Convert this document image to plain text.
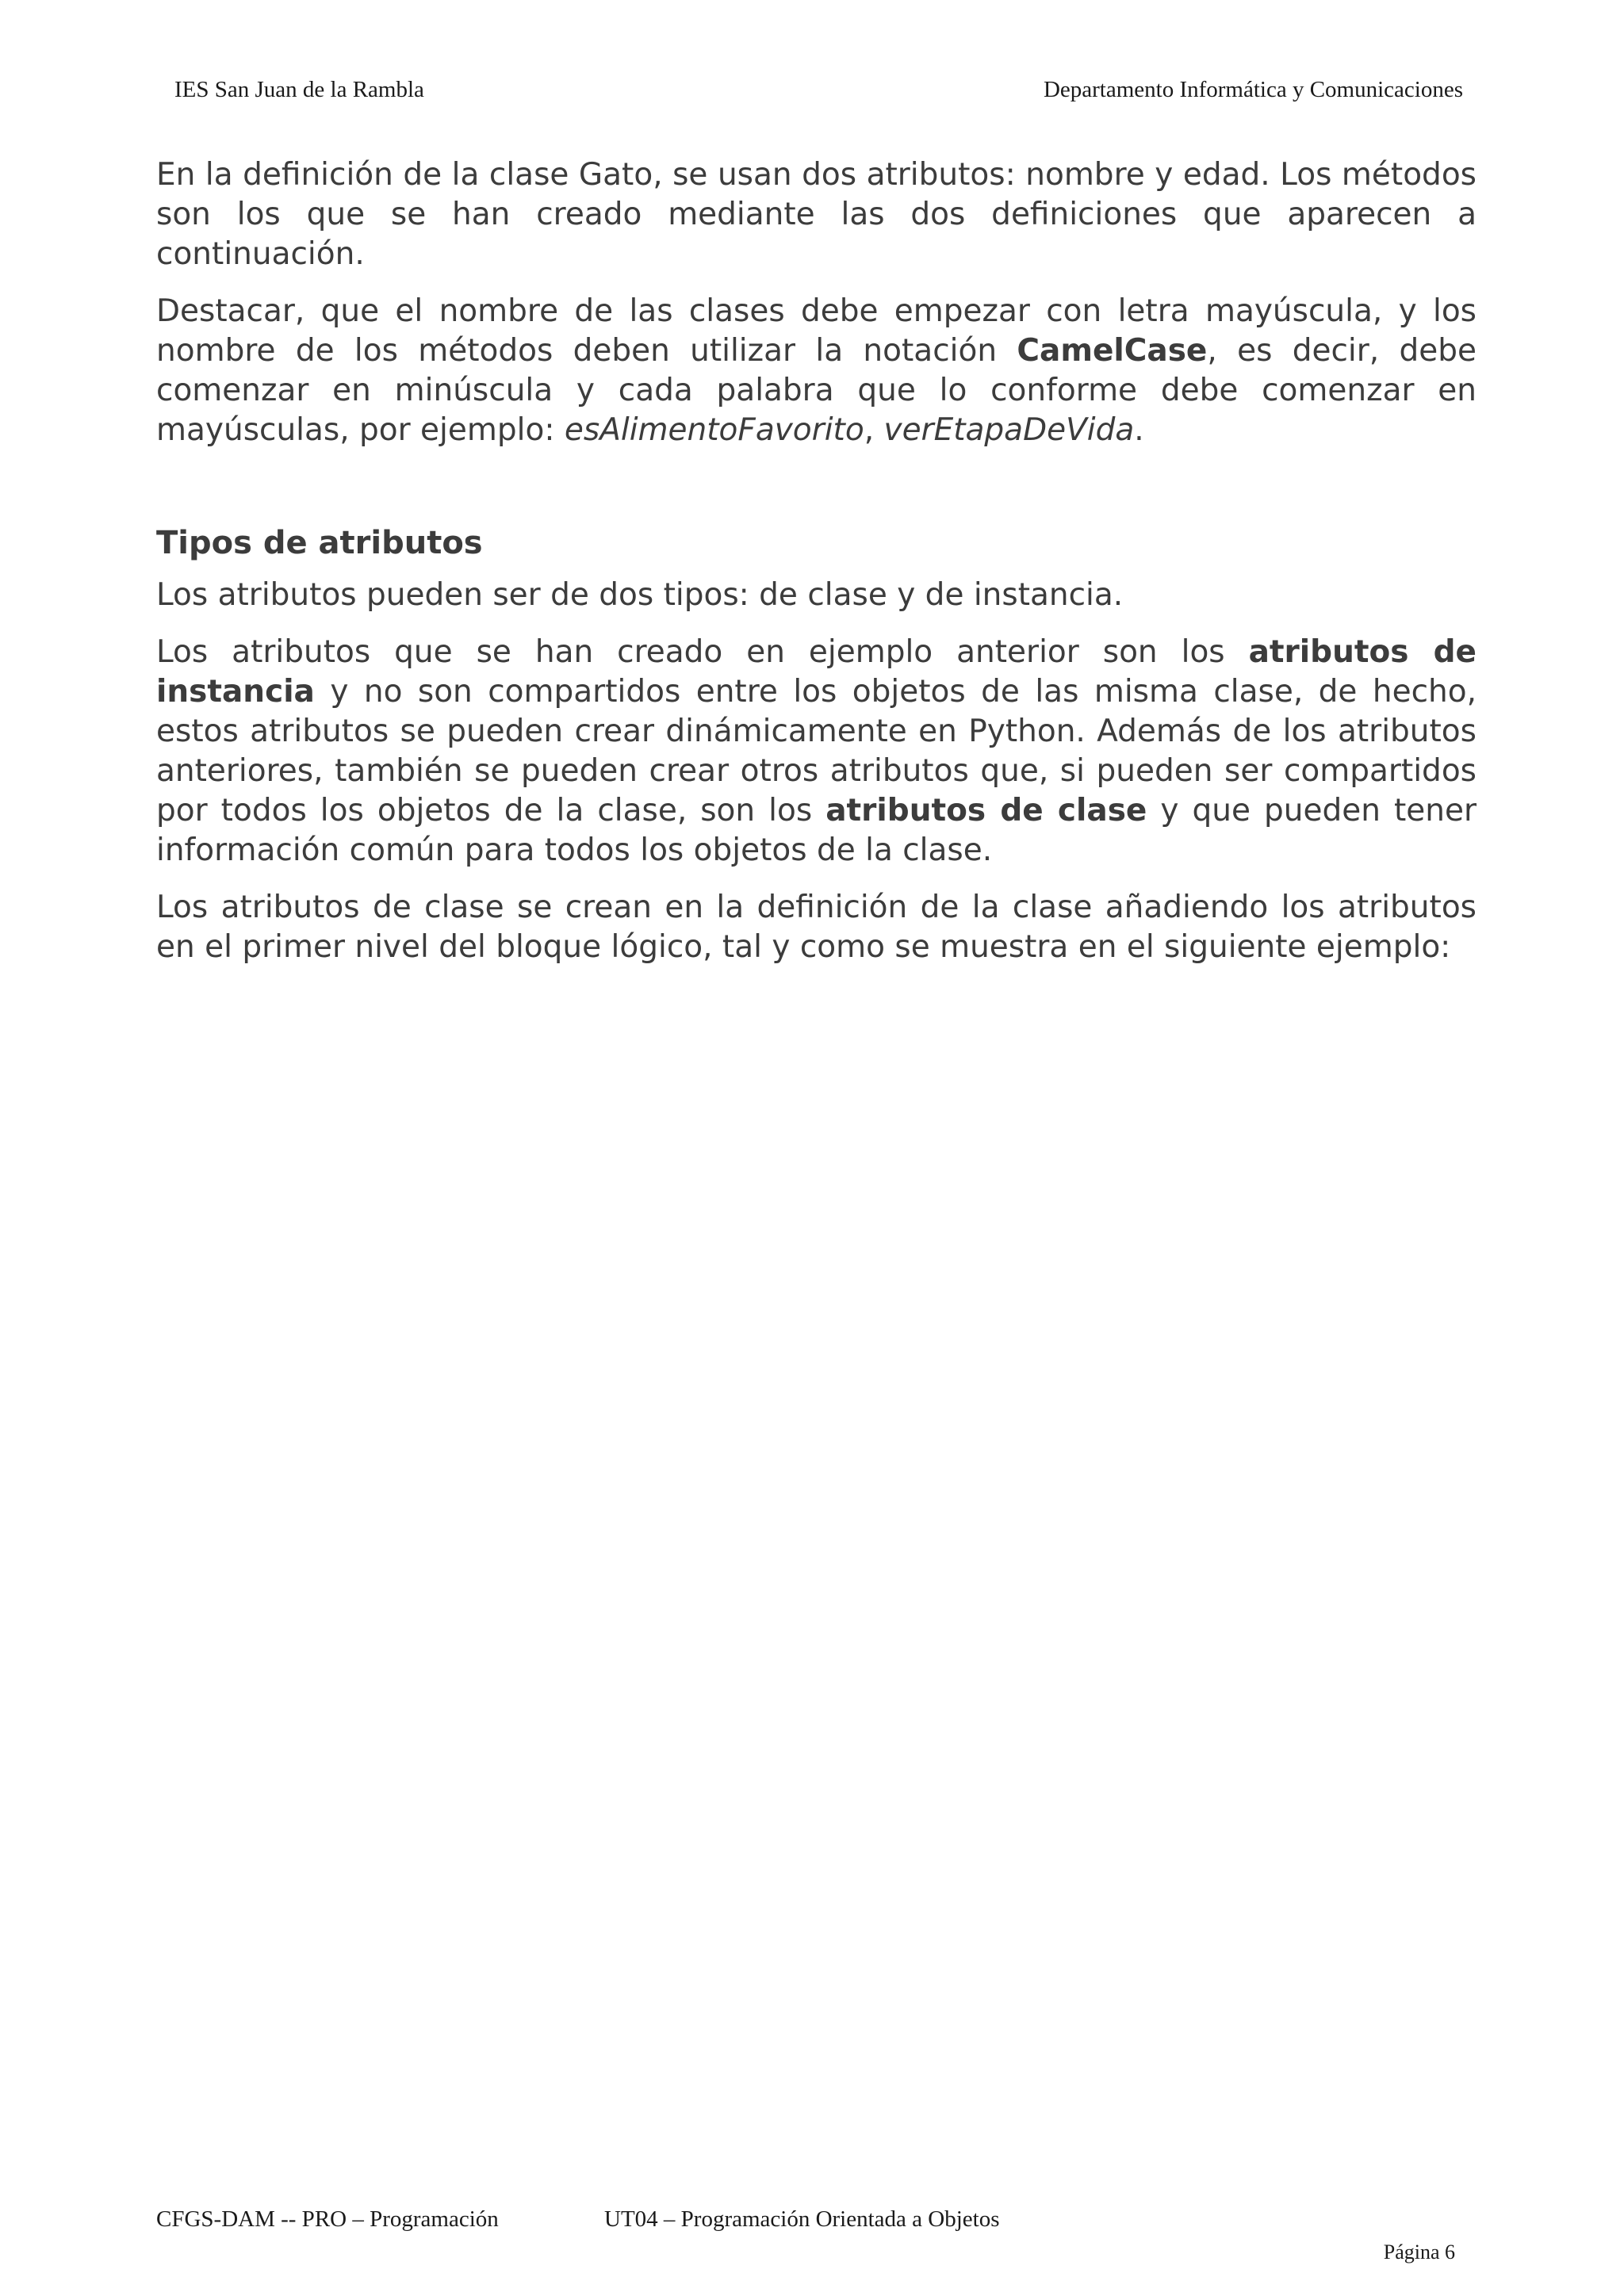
IES San Juan de la Rambla	Departamento Informática y Comunicaciones

En la definición de la clase Gato, se usan dos atributos: nombre y edad. Los métodos son los que se han creado mediante las dos definiciones que aparecen a continuación.

Destacar, que el nombre de las clases debe empezar con letra mayúscula, y los nombre de los métodos deben utilizar la notación CamelCase, es decir, debe comenzar en minúscula y cada palabra que lo conforme debe comenzar en mayúsculas, por ejemplo: esAlimentoFavorito, verEtapaDeVida.

Tipos de atributos

Los atributos pueden ser de dos tipos: de clase y de instancia.

Los atributos que se han creado en ejemplo anterior son los atributos de instancia y no son compartidos entre los objetos de las misma clase, de hecho, estos atributos se pueden crear dinámicamente en Python. Además de los atributos anteriores, también se pueden crear otros atributos que, si pueden ser compartidos por todos los objetos de la clase, son los atributos de clase y que pueden tener información común para todos los objetos de la clase.

Los atributos de clase se crean en la definición de la clase añadiendo los atributos en el primer nivel del bloque lógico, tal y como se muestra en el siguiente ejemplo:

CFGS-DAM -- PRO – Programación	UT04 – Programación Orientada a Objetos
Página 6
